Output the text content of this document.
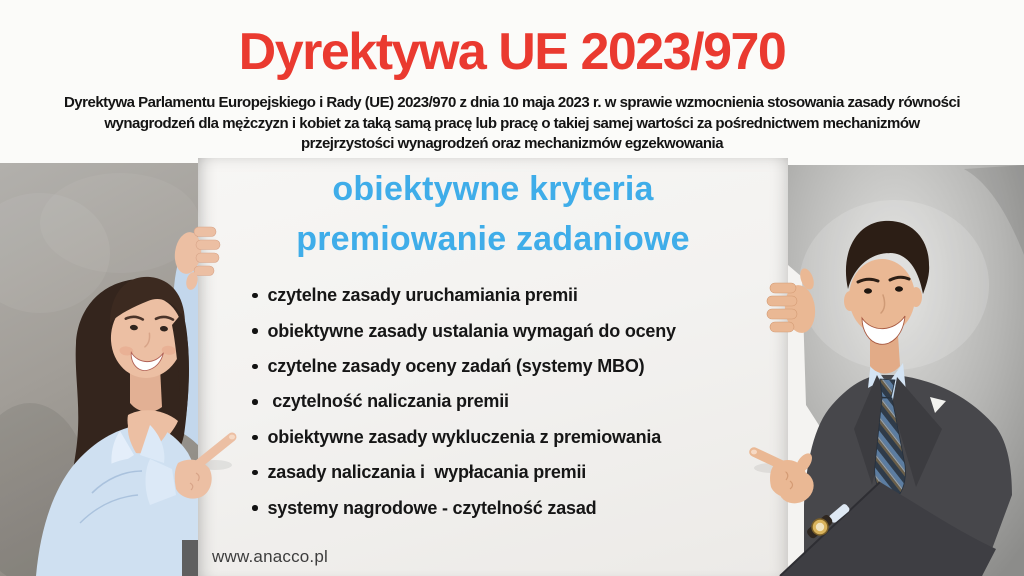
Dyrektywa UE 2023/970
Dyrektywa Parlamentu Europejskiego i Rady (UE) 2023/970 z dnia 10 maja 2023 r. w sprawie wzmocnienia stosowania zasady równości
wynagrodzeń dla mężczyzn i kobiet za taką samą pracę lub pracę o takiej samej wartości za pośrednictwem mechanizmów
przejrzystości wynagrodzeń oraz mechanizmów egzekwowania
obiektywne kryteria
premiowanie zadaniowe
czytelne zasady uruchamiania premii
obiektywne zasady ustalania wymagań do oceny
czytelne zasady oceny zadań (systemy MBO)
czytelność naliczania premii
obiektywne zasady wykluczenia z premiowania
zasady naliczania i  wypłacania premii
systemy nagrodowe - czytelność zasad
www.anacco.pl
